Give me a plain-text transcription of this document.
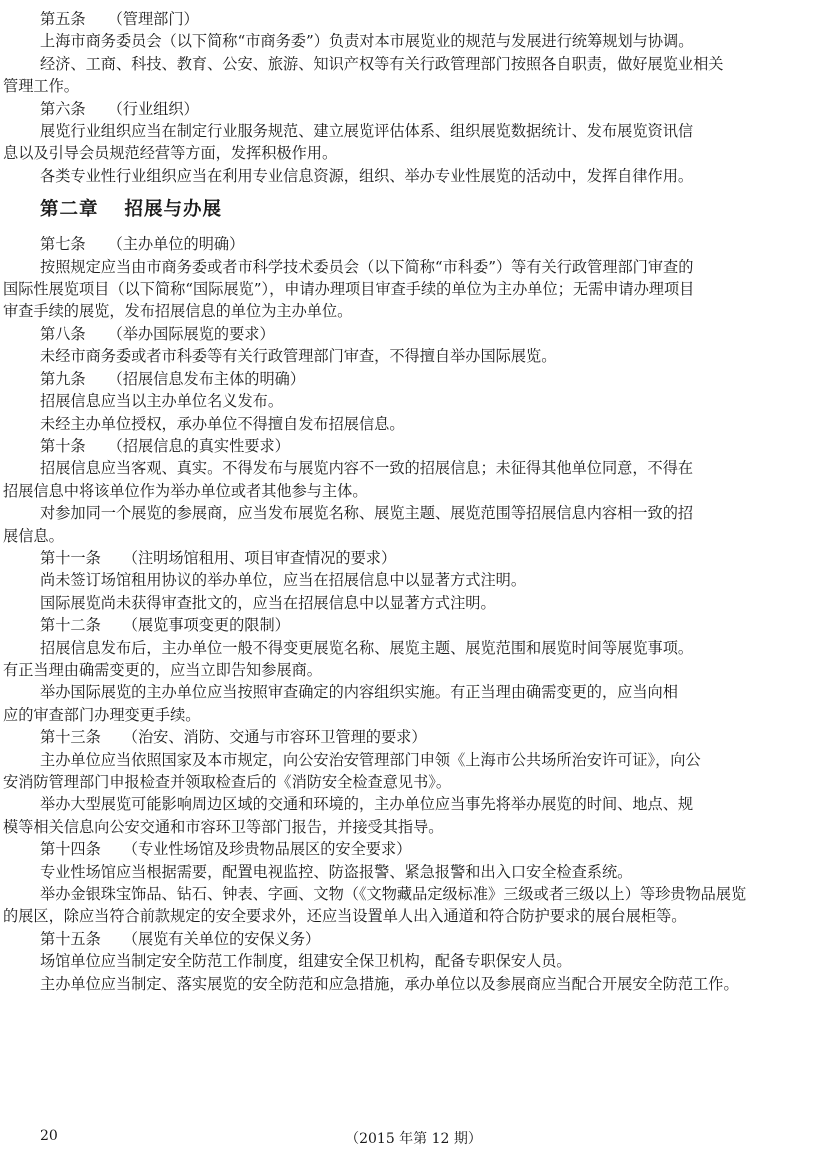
第五条 （管理部门）

上海市商务委员会（以下简称“市商务委”）负责对本市展览业的规范与发展进行统筹规划与协调。

经济、工商、科技、教育、公安、旅游、知识产权等有关行政管理部门按照各自职责，做好展览业相关

管理工作。

第六条 （行业组织）

展览行业组织应当在制定行业服务规范、建立展览评估体系、组织展览数据统计、发布展览资讯信

息以及引导会员规范经营等方面，发挥积极作用。

各类专业性行业组织应当在利用专业信息资源，组织、举办专业性展览的活动中，发挥自律作用。

第二章 招展与办展

第七条 （主办单位的明确）

按照规定应当由市商务委或者市科学技术委员会（以下简称“市科委”）等有关行政管理部门审查的

国际性展览项目（以下简称“国际展览”），申请办理项目审查手续的单位为主办单位；无需申请办理项目

审查手续的展览，发布招展信息的单位为主办单位。

第八条 （举办国际展览的要求）

未经市商务委或者市科委等有关行政管理部门审查，不得擅自举办国际展览。

第九条 （招展信息发布主体的明确）

招展信息应当以主办单位名义发布。

未经主办单位授权，承办单位不得擅自发布招展信息。

第十条 （招展信息的真实性要求）

招展信息应当客观、真实。不得发布与展览内容不一致的招展信息；未征得其他单位同意，不得在

招展信息中将该单位作为举办单位或者其他参与主体。

对参加同一个展览的参展商，应当发布展览名称、展览主题、展览范围等招展信息内容相一致的招

展信息。

第十一条 （注明场馆租用、项目审查情况的要求）

尚未签订场馆租用协议的举办单位，应当在招展信息中以显著方式注明。

国际展览尚未获得审查批文的，应当在招展信息中以显著方式注明。

第十二条 （展览事项变更的限制）

招展信息发布后，主办单位一般不得变更展览名称、展览主题、展览范围和展览时间等展览事项。

有正当理由确需变更的，应当立即告知参展商。

举办国际展览的主办单位应当按照审查确定的内容组织实施。有正当理由确需变更的，应当向相

应的审查部门办理变更手续。

第十三条 （治安、消防、交通与市容环卫管理的要求）

主办单位应当依照国家及本市规定，向公安治安管理部门申领《上海市公共场所治安许可证》，向公

安消防管理部门申报检查并领取检查后的《消防安全检查意见书》。

举办大型展览可能影响周边区域的交通和环境的，主办单位应当事先将举办展览的时间、地点、规

模等相关信息向公安交通和市容环卫等部门报告，并接受其指导。

第十四条 （专业性场馆及珍贵物品展区的安全要求）

专业性场馆应当根据需要，配置电视监控、防盗报警、紧急报警和出入口安全检查系统。

举办金银珠宝饰品、钻石、钟表、字画、文物（《文物藏品定级标准》三级或者三级以上）等珍贵物品展览

的展区，除应当符合前款规定的安全要求外，还应当设置单人出入通道和符合防护要求的展台展柜等。

第十五条 （展览有关单位的安保义务）

场馆单位应当制定安全防范工作制度，组建安全保卫机构，配备专职保安人员。

主办单位应当制定、落实展览的安全防范和应急措施，承办单位以及参展商应当配合开展安全防范工作。

20	（2015 年第 12 期）
